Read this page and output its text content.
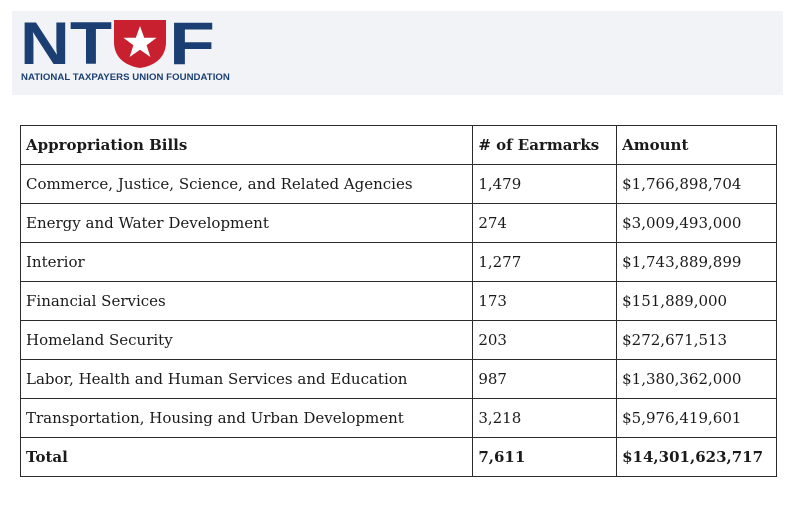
NT F
NATIONAL TAXPAYERS UNION FOUNDATION
Appropriation Bills	# of Earmarks	Amount
Commerce, Justice, Science, and Related Agencies	1,479	$1,766,898,704
Energy and Water Development	274	$3,009,493,000
Interior	1,277	$1,743,889,899
Financial Services	173	$151,889,000
Homeland Security	203	$272,671,513
Labor, Health and Human Services and Education	987	$1,380,362,000
Transportation, Housing and Urban Development	3,218	$5,976,419,601
Total	7,611	$14,301,623,717
